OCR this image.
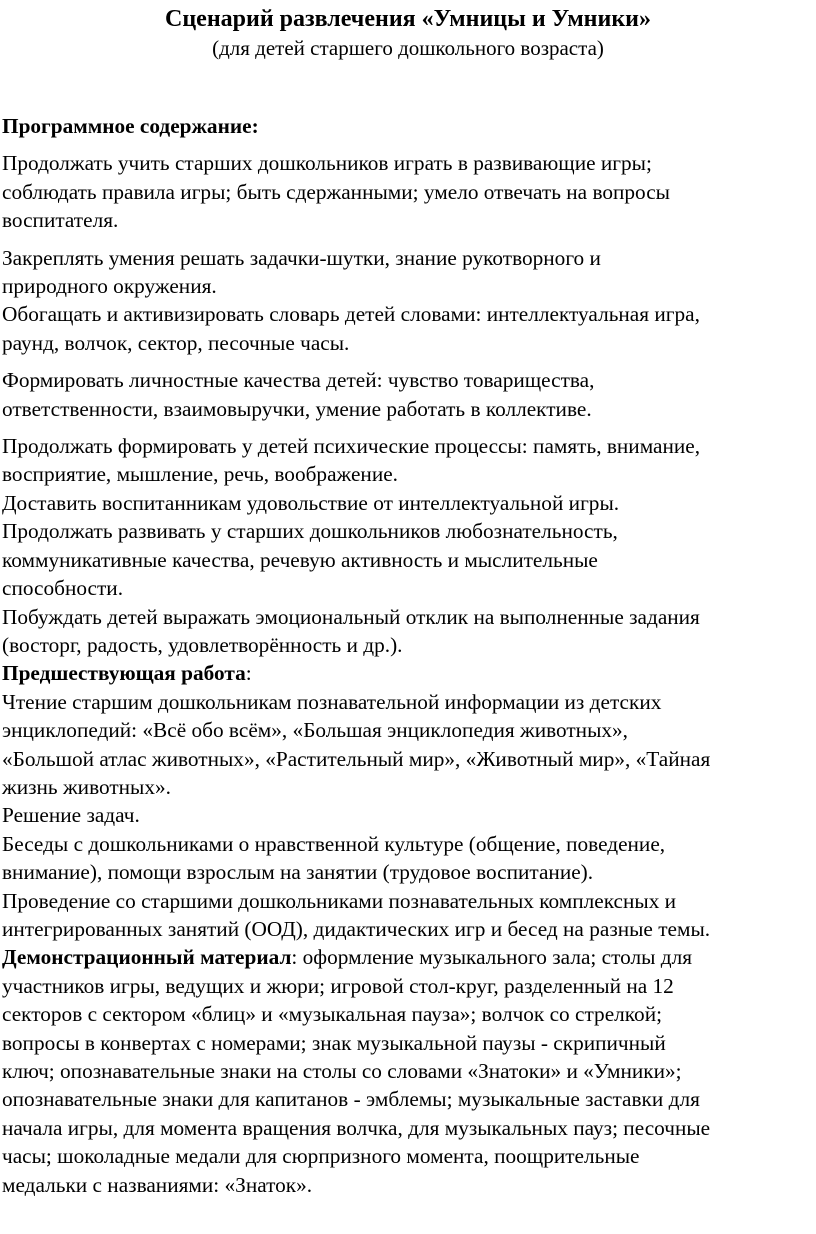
Сценарий развлечения «Умницы и Умники»
(для детей старшего дошкольного возраста)

Программное содержание:

Продолжать учить старших дошкольников играть в развивающие игры;

соблюдать правила игры; быть сдержанными; умело отвечать на вопросы

воспитателя.

Закреплять умения решать задачки-шутки, знание рукотворного и

природного окружения.

Обогащать и активизировать словарь детей словами: интеллектуальная игра,

раунд, волчок, сектор, песочные часы.

Формировать личностные качества детей: чувство товарищества,

ответственности, взаимовыручки, умение работать в коллективе.

Продолжать формировать у детей психические процессы: память, внимание,

восприятие, мышление, речь, воображение.

Доставить воспитанникам удовольствие от интеллектуальной игры.

Продолжать развивать у старших дошкольников любознательность,

коммуникативные качества, речевую активность и мыслительные

способности.

Побуждать детей выражать эмоциональный отклик на выполненные задания

(восторг, радость, удовлетворённость и др.).

Предшествующая работа:

Чтение старшим дошкольникам познавательной информации из детских

энциклопедий: «Всё обо всём», «Большая энциклопедия животных»,

«Большой атлас животных», «Растительный мир», «Животный мир», «Тайная

жизнь животных».

Решение задач.

Беседы с дошкольниками о нравственной культуре (общение, поведение,

внимание), помощи взрослым на занятии (трудовое воспитание).

Проведение со старшими дошкольниками познавательных комплексных и

интегрированных занятий (ООД), дидактических игр и бесед на разные темы.

Демонстрационный материал: оформление музыкального зала; столы для

участников игры, ведущих и жюри; игровой стол-круг, разделенный на 12

секторов с сектором «блиц» и «музыкальная пауза»; волчок со стрелкой;

вопросы в конвертах с номерами; знак музыкальной паузы - скрипичный

ключ; опознавательные знаки на столы со словами «Знатоки» и «Умники»;

опознавательные знаки для капитанов - эмблемы; музыкальные заставки для

начала игры, для момента вращения волчка, для музыкальных пауз; песочные

часы; шоколадные медали для сюрпризного момента, поощрительные

медальки с названиями: «Знаток».
